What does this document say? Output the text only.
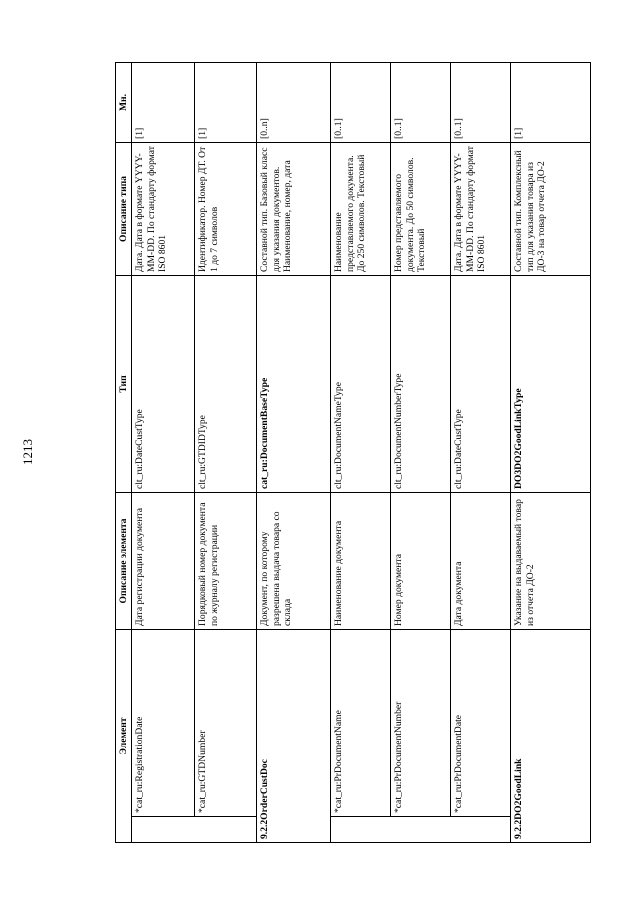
1213
Элемент		Описание элемента	Тип	Описание типа	Мн.
	*cat_ru:RegistrationDate	Дата регистрации документа	clt_ru:DateCustType	Дата. Дата в формате YYYY-MM-DD. По стандарту формат ISO 8601	[1]
	*cat_ru:GTDNumber	Порядковый номер документа по журналу регистрации	clt_ru:GTDIDType	Идентификатор. Номер ДТ. От 1 до 7 символов	[1]
9.2.2OrderCustDoc		Документ, по которому разрешена выдача товара со склада	cat_ru:DocumentBaseType	Составной тип. Базовый класс для указания документов. Наименование, номер, дата	[0..n]
	*cat_ru:PrDocumentName	Наименование документа	clt_ru:DocumentNameType	Наименование представляемого документа. До 250 символов. Текстовый	[0..1]
	*cat_ru:PrDocumentNumber	Номер документа	clt_ru:DocumentNumberType	Номер представляемого документа. До 50 символов. Текстовый	[0..1]
	*cat_ru:PrDocumentDate	Дата документа	clt_ru:DateCustType	Дата. Дата в формате YYYY-MM-DD. По стандарту формат ISO 8601	[0..1]
9.2.2DO2GoodLink		Указание на выдаваемый товар из отчета ДО-2	DO3DO2GoodLinkType	Составной тип. Комплексный тип для указания товара из ДО-3 на товар отчета ДО-2	[1]
